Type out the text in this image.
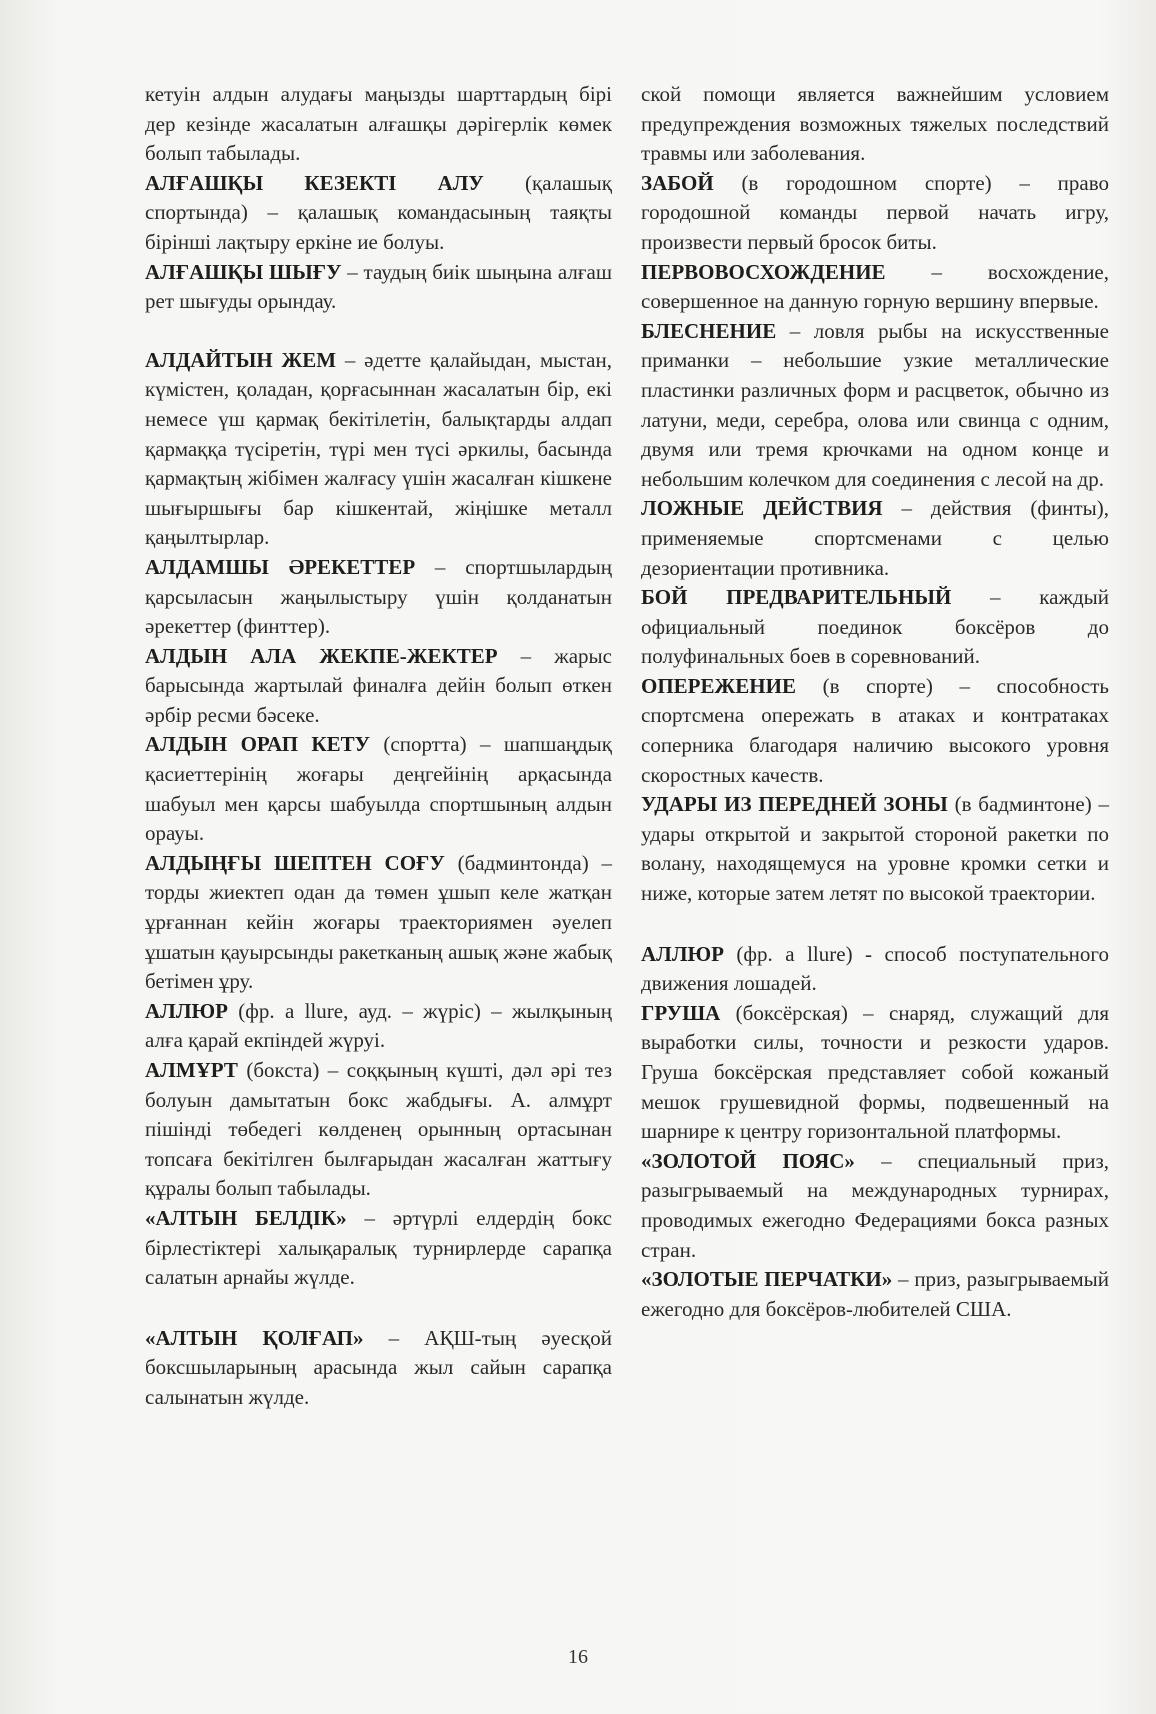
кетуін алдын алудағы маңызды шарттардың бірі дер кезінде жасалатын алғашқы дәрігерлік көмек болып табылады.

АЛҒАШҚЫ КЕЗЕКТІ АЛУ (қалашық спортында) – қалашық командасының таяқты бірінші лақтыру еркіне ие болуы.

АЛҒАШҚЫ ШЫҒУ – таудың биік шыңына алғаш рет шығуды орындау.

АЛДАЙТЫН ЖЕМ – әдетте қалайыдан, мыстан, күмістен, қоладан, қорғасыннан жасалатын бір, екі немесе үш қармақ бекітілетін, балықтарды алдап қармаққа түсіретін, түрі мен түсі әркилы, басында қармақтың жібімен жалғасу үшін жасалған кішкене шығыршығы бар кішкентай, жіңішке металл қаңылтырлар.

АЛДАМШЫ ӘРЕКЕТТЕР – спортшылардың қарсыласын жаңылыстыру үшін қолданатын әрекеттер (финттер).

АЛДЫН АЛА ЖЕКПЕ-ЖЕКТЕР – жарыс барысында жартылай финалға дейін болып өткен әрбір ресми бәсеке.

АЛДЫН ОРАП КЕТУ (спортта) – шапшаңдық қасиеттерінің жоғары деңгейінің арқасында шабуыл мен қарсы шабуылда спортшының алдын орауы.

АЛДЫҢҒЫ ШЕПТЕН СОҒУ (бадминтонда) – торды жиектеп одан да төмен ұшып келе жатқан ұрғаннан кейін жоғары траекториямен әуелеп ұшатын қауырсынды ракетканың ашық және жабық бетімен ұру.

АЛЛЮР (фр. a llure, ауд. – жүріс) – жылқының алға қарай екпіндей жүруі.

АЛМҰРТ (бокста) – соққының күшті, дәл әрі тез болуын дамытатын бокс жабдығы. А. алмұрт пішінді төбедегі көлденең орынның ортасынан топсаға бекітілген былғарыдан жасалған жаттығу құралы болып табылады.

«АЛТЫН БЕЛДІК» – әртүрлі елдердің бокс бірлестіктері халықаралық турнирлерде сарапқа салатын арнайы жүлде.

«АЛТЫН ҚОЛҒАП» – АҚШ-тың әуесқой боксшыларының арасында жыл сайын сарапқа салынатын жүлде.

ской помощи является важнейшим условием предупреждения возможных тяжелых последствий травмы или заболевания.

ЗАБОЙ (в городошном спорте) – право городошной команды первой начать игру, произвести первый бросок биты.

ПЕРВОВОСХОЖДЕНИЕ – восхождение, совершенное на данную горную вершину впервые.

БЛЕСНЕНИЕ – ловля рыбы на искусственные приманки – небольшие узкие металлические пластинки различных форм и расцветок, обычно из латуни, меди, серебра, олова или свинца с одним, двумя или тремя крючками на одном конце и небольшим колечком для соединения с лесой на др.

ЛОЖНЫЕ ДЕЙСТВИЯ – действия (финты), применяемые спортсменами с целью дезориентации противника.

БОЙ ПРЕДВАРИТЕЛЬНЫЙ – каждый официальный поединок боксёров до полуфинальных боев в соревнований.

ОПЕРЕЖЕНИЕ (в спорте) – способность спортсмена опережать в атаках и контратаках соперника благодаря наличию высокого уровня скоростных качеств.

УДАРЫ ИЗ ПЕРЕДНЕЙ ЗОНЫ (в бадминтоне) – удары открытой и закрытой стороной ракетки по волану, находящемуся на уровне кромки сетки и ниже, которые затем летят по высокой траектории.

АЛЛЮР (фр. a llure) - способ поступательного движения лошадей.

ГРУША (боксёрская) – снаряд, служащий для выработки силы, точности и резкости ударов. Груша боксёрская представляет собой кожаный мешок грушевидной формы, подвешенный на шарнире к центру горизонтальной платформы.

«ЗОЛОТОЙ ПОЯС» – специальный приз, разыгрываемый на международных турнирах, проводимых ежегодно Федерациями бокса разных стран.

«ЗОЛОТЫЕ ПЕРЧАТКИ» – приз, разыгрываемый ежегодно для боксёров-любителей США.

16
